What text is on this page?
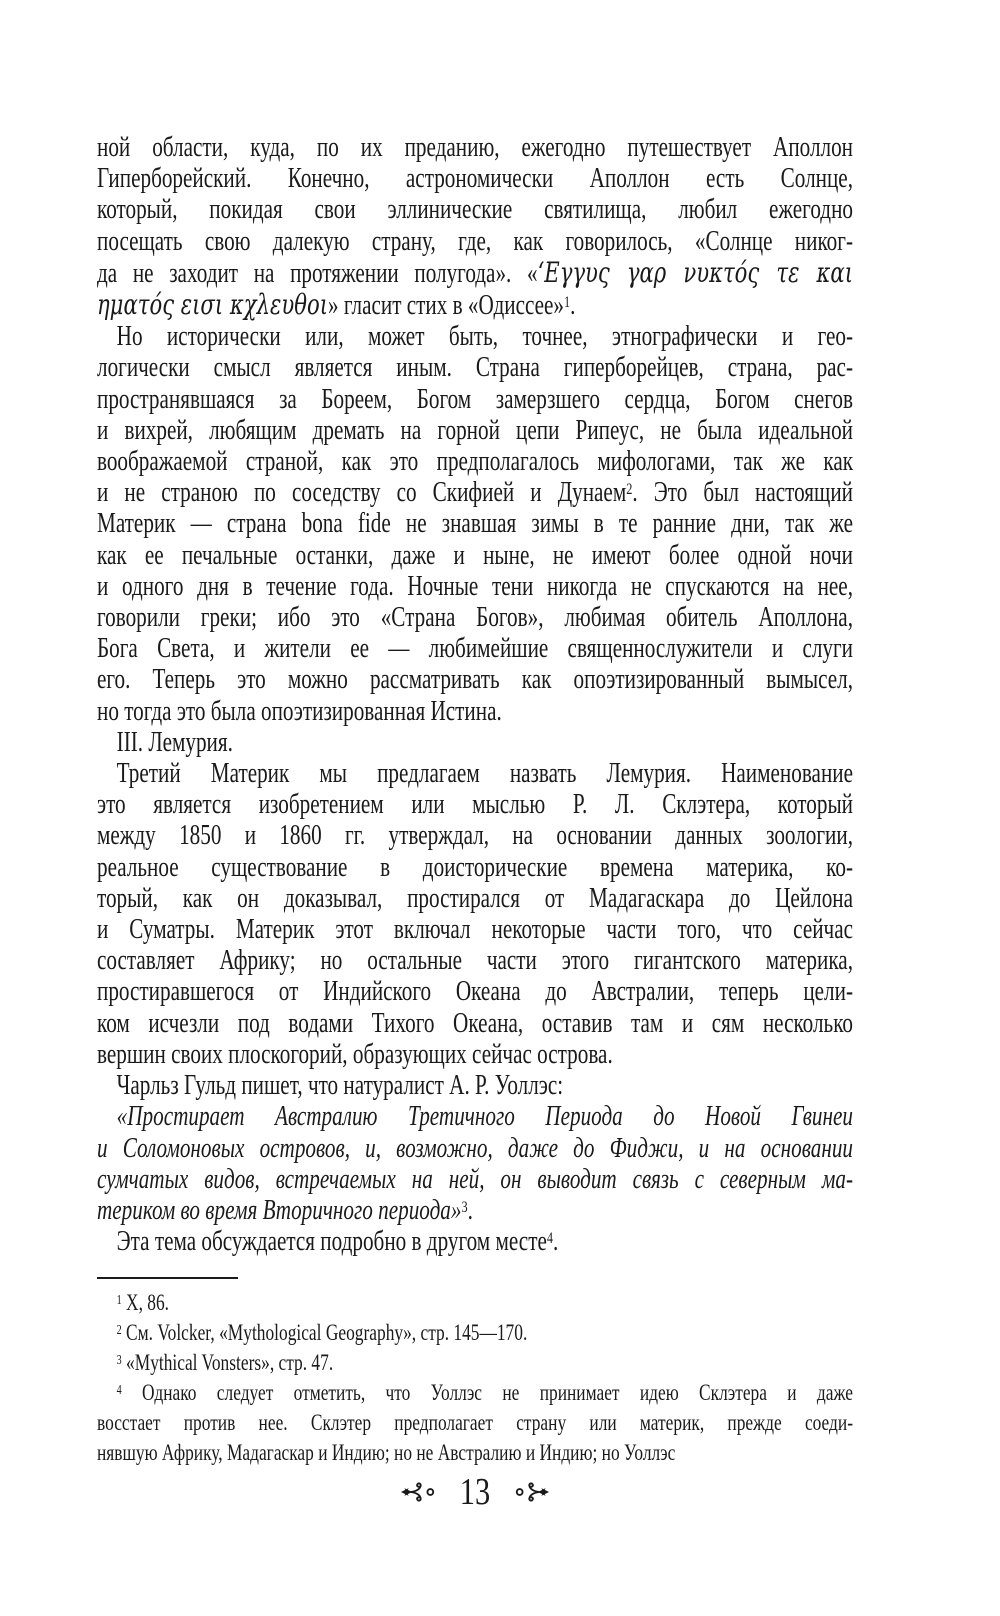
ной области, куда, по их преданию, ежегодно путешествует Аполлон
Гиперборейский. Конечно, астрономически Аполлон есть Солнце,
который, покидая свои эллинические святилища, любил ежегодно
посещать свою далекую страну, где, как говорилось, «Солнце никог-
да не заходит на протяжении полугода». «ʻΕγγυς γαρ νυκτός τε και
ηματός εισι κχλευθοι» гласит стих в «Одиссее»$^1$.
Но исторически или, может быть, точнее, этнографически и гео-
логически смысл является иным. Страна гиперборейцев, страна, рас-
пространявшаяся за Бореем, Богом замерзшего сердца, Богом снегов
и вихрей, любящим дремать на горной цепи Рипеус, не была идеальной
воображаемой страной, как это предполагалось мифологами, так же как
и не страною по соседству со Скифией и Дунаем$^2$. Это был настоящий
Материк — страна bona fide не знавшая зимы в те ранние дни, так же
как ее печальные останки, даже и ныне, не имеют более одной ночи
и одного дня в течение года. Ночные тени никогда не спускаются на нее,
говорили греки; ибо это «Страна Богов», любимая обитель Аполлона,
Бога Света, и жители ее — любимейшие священнослужители и слуги
его. Теперь это можно рассматривать как опоэтизированный вымысел,
но тогда это была опоэтизированная Истина.
III. Лемурия.
Третий Материк мы предлагаем назвать Лемурия. Наименование
это является изобретением или мыслью Р. Л. Склэтера, который
между 1850 и 1860 гг. утверждал, на основании данных зоологии,
реальное существование в доисторические времена материка, ко-
торый, как он доказывал, простирался от Мадагаскара до Цейлона
и Суматры. Материк этот включал некоторые части того, что сейчас
составляет Африку; но остальные части этого гигантского материка,
простиравшегося от Индийского Океана до Австралии, теперь цели-
ком исчезли под водами Тихого Океана, оставив там и сям несколько
вершин своих плоскогорий, образующих сейчас острова.
Чарльз Гульд пишет, что натуралист А. Р. Уоллэс:
«Простирает Австралию Третичного Периода до Новой Гвинеи
и Соломоновых островов, и, возможно, даже до Фиджи, и на основании
сумчатых видов, встречаемых на ней, он выводит связь с северным ма-
териком во время Вторичного периода»$^3$.
Эта тема обсуждается подробно в другом месте$^4$.
$^1$ X, 86.
$^2$ См. Volcker, «Mythological Geography», стр. 145—170.
$^3$ «Mythical Vonsters», стр. 47.
$^4$ Однако следует отметить, что Уоллэс не принимает идею Склэтера и даже
восстает против нее. Склэтер предполагает страну или материк, прежде соеди-
нявшую Африку, Мадагаскар и Индию; но не Австралию и Индию; но Уоллэс
13
